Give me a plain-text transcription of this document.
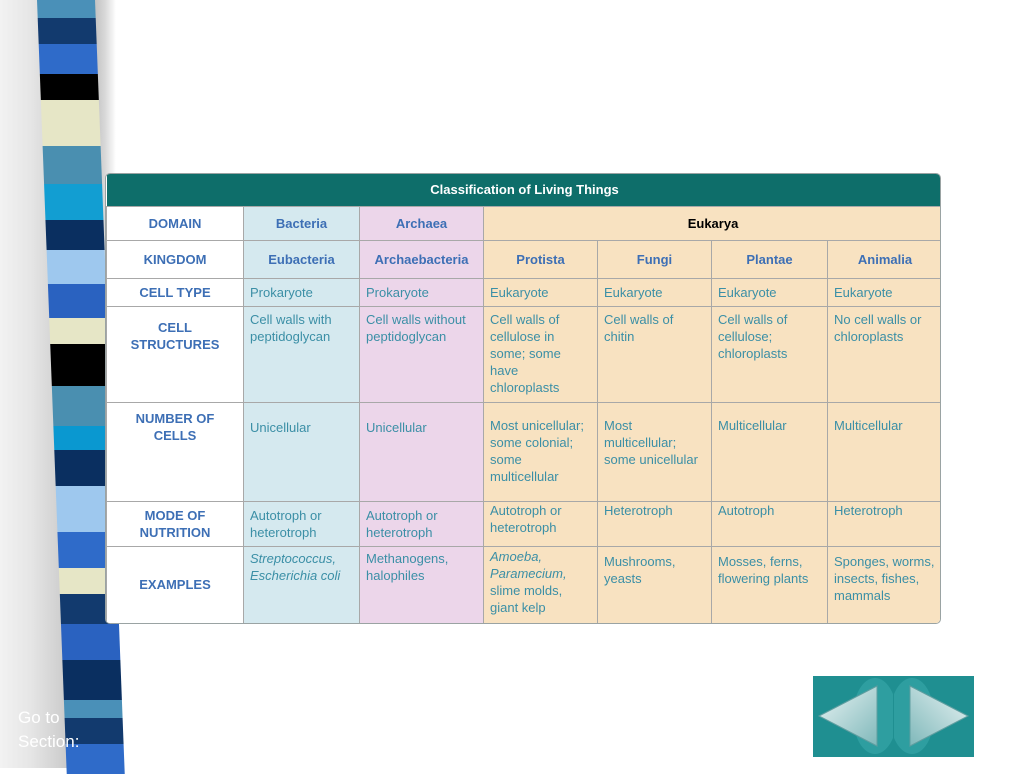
Go to Section:
Classification of Living Things						
DOMAIN	Bacteria	Archaea	Eukarya			
KINGDOM	Eubacteria	Archaebacteria	Protista	Fungi	Plantae	Animalia
CELL TYPE	Prokaryote	Prokaryote	Eukaryote	Eukaryote	Eukaryote	Eukaryote
CELL STRUCTURES	Cell walls with peptidoglycan	Cell walls without peptidoglycan	Cell walls of cellulose in some; some have chloroplasts	Cell walls of chitin	Cell walls of cellulose; chloroplasts	No cell walls or chloroplasts
NUMBER OF CELLS	Unicellular	Unicellular	Most unicellular; some colonial; some multicellular	Most multicellular; some unicellular	Multicellular	Multicellular
MODE OF NUTRITION	Autotroph or heterotroph	Autotroph or heterotroph	Autotroph or heterotroph	Heterotroph	Autotroph	Heterotroph
EXAMPLES	Streptococcus, Escherichia coli	Methanogens, halophiles	Amoeba, Paramecium, slime molds, giant kelp	Mushrooms, yeasts	Mosses, ferns, flowering plants	Sponges, worms, insects, fishes, mammals
